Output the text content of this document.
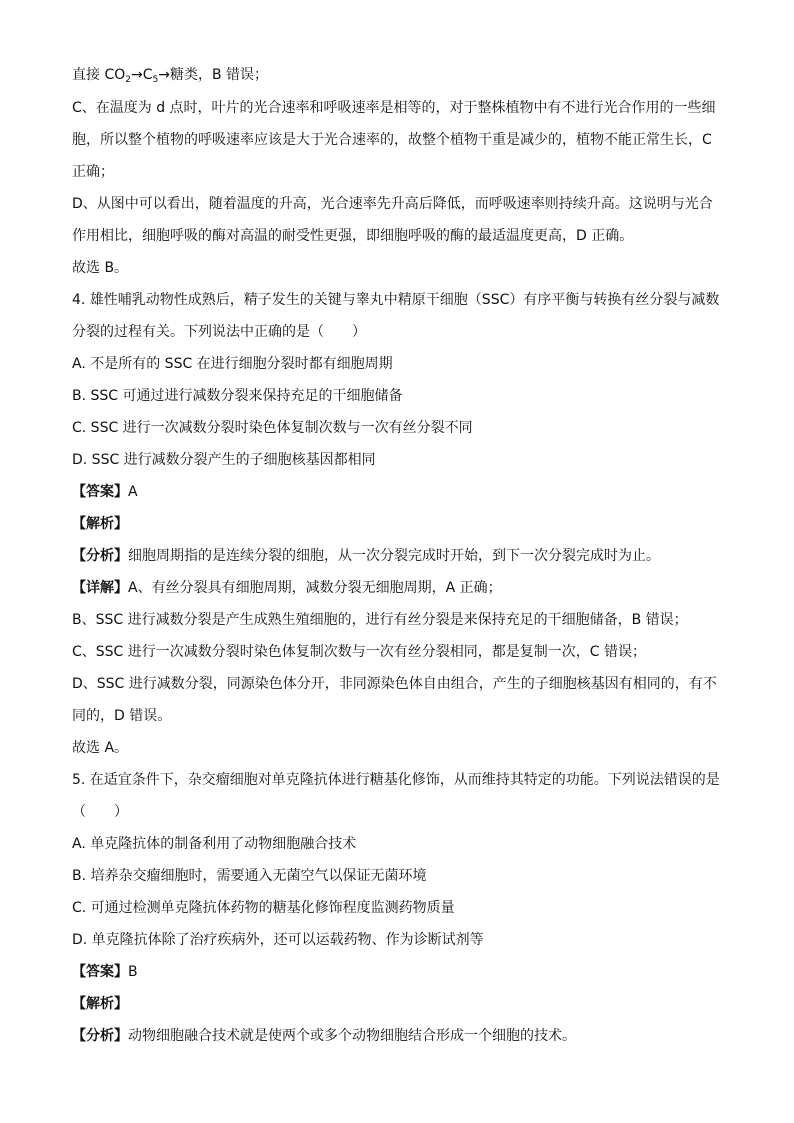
直接 $CO_2\to C_5\to$糖类，B 错误；
C、在温度为 d 点时，叶片的光合速率和呼吸速率是相等的，对于整株植物中有不进行光合作用的一些细
胞，所以整个植物的呼吸速率应该是大于光合速率的，故整个植物干重是减少的，植物不能正常生长，C
正确；
D、从图中可以看出，随着温度的升高，光合速率先升高后降低，而呼吸速率则持续升高。这说明与光合
作用相比，细胞呼吸的酶对高温的耐受性更强，即细胞呼吸的酶的最适温度更高，D 正确。
故选 B。
4. 雄性哺乳动物性成熟后，精子发生的关键与睾丸中精原干细胞（SSC）有序平衡与转换有丝分裂与减数
分裂的过程有关。下列说法中正确的是（　　）
A. 不是所有的 SSC 在进行细胞分裂时都有细胞周期
B. SSC 可通过进行减数分裂来保持充足的干细胞储备
C. SSC 进行一次减数分裂时染色体复制次数与一次有丝分裂不同
D. SSC 进行减数分裂产生的子细胞核基因都相同
【答案】A
【解析】
【分析】细胞周期指的是连续分裂的细胞，从一次分裂完成时开始，到下一次分裂完成时为止。
【详解】A、有丝分裂具有细胞周期，减数分裂无细胞周期，A 正确；
B、SSC 进行减数分裂是产生成熟生殖细胞的，进行有丝分裂是来保持充足的干细胞储备，B 错误；
C、SSC 进行一次减数分裂时染色体复制次数与一次有丝分裂相同，都是复制一次，C 错误；
D、SSC 进行减数分裂，同源染色体分开，非同源染色体自由组合，产生的子细胞核基因有相同的，有不
同的，D 错误。
故选 A。
5. 在适宜条件下，杂交瘤细胞对单克隆抗体进行糖基化修饰，从而维持其特定的功能。下列说法错误的是
（　　）
A. 单克隆抗体的制备利用了动物细胞融合技术
B. 培养杂交瘤细胞时，需要通入无菌空气以保证无菌环境
C. 可通过检测单克隆抗体药物的糖基化修饰程度监测药物质量
D. 单克隆抗体除了治疗疾病外，还可以运载药物、作为诊断试剂等
【答案】B
【解析】
【分析】动物细胞融合技术就是使两个或多个动物细胞结合形成一个细胞的技术。
